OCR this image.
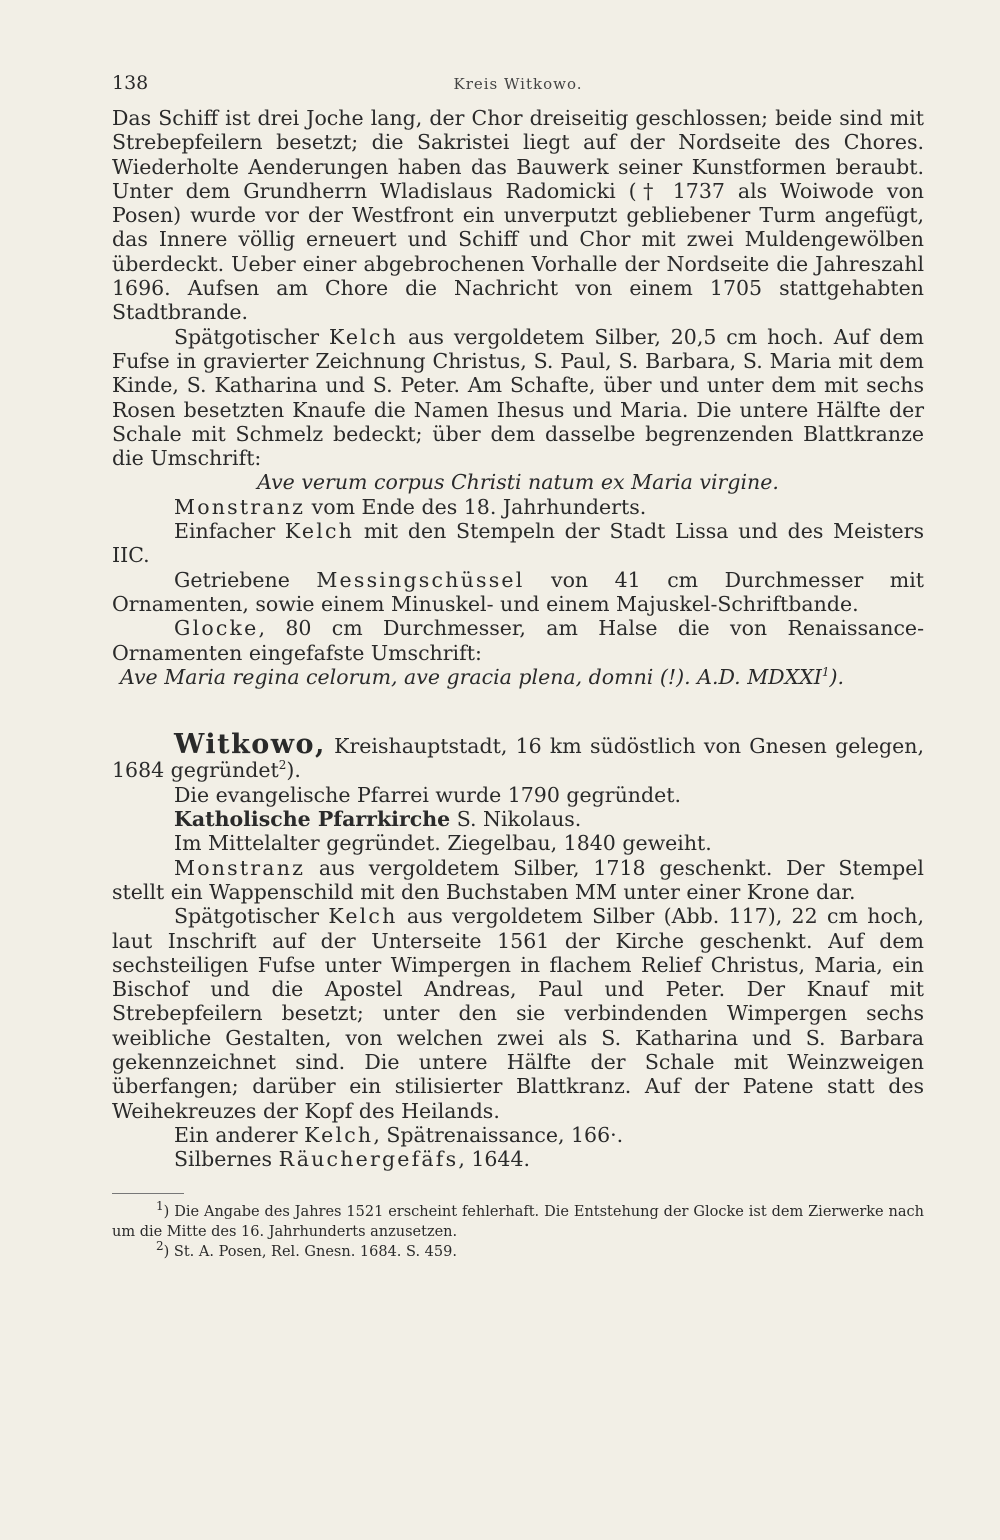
138	Kreis Witkowo.

Das Schiff ist drei Joche lang, der Chor dreiseitig geschlossen; beide sind mit Strebepfeilern besetzt; die Sakristei liegt auf der Nordseite des Chores. Wiederholte Aenderungen haben das Bauwerk seiner Kunstformen beraubt. Unter dem Grundherrn Wladislaus Radomicki († 1737 als Woiwode von Posen) wurde vor der Westfront ein unverputzt gebliebener Turm angefügt, das Innere völlig erneuert und Schiff und Chor mit zwei Muldengewölben überdeckt. Ueber einer abgebrochenen Vorhalle der Nordseite die Jahreszahl 1696. Aufsen am Chore die Nachricht von einem 1705 stattgehabten Stadtbrande.

Spätgotischer Kelch aus vergoldetem Silber, 20,5 cm hoch. Auf dem Fufse in gravierter Zeichnung Christus, S. Paul, S. Barbara, S. Maria mit dem Kinde, S. Katharina und S. Peter. Am Schafte, über und unter dem mit sechs Rosen besetzten Knaufe die Namen Ihesus und Maria. Die untere Hälfte der Schale mit Schmelz bedeckt; über dem dasselbe begrenzenden Blattkranze die Umschrift:

Ave verum corpus Christi natum ex Maria virgine.

Monstranz vom Ende des 18. Jahrhunderts.

Einfacher Kelch mit den Stempeln der Stadt Lissa und des Meisters IIC.

Getriebene Messingschüssel von 41 cm Durchmesser mit Ornamenten, sowie einem Minuskel- und einem Majuskel-Schriftbande.

Glocke, 80 cm Durchmesser, am Halse die von Renaissance-Ornamenten eingefafste Umschrift:

Ave Maria regina celorum, ave gracia plena, domni (!). A.D. MDXXI$^1$).

Witkowo, Kreishauptstadt, 16 km südöstlich von Gnesen gelegen, 1684 gegründet$^2$).

Die evangelische Pfarrei wurde 1790 gegründet.

Katholische Pfarrkirche S. Nikolaus.

Im Mittelalter gegründet. Ziegelbau, 1840 geweiht.

Monstranz aus vergoldetem Silber, 1718 geschenkt. Der Stempel stellt ein Wappenschild mit den Buchstaben MM unter einer Krone dar.

Spätgotischer Kelch aus vergoldetem Silber (Abb. 117), 22 cm hoch, laut Inschrift auf der Unterseite 1561 der Kirche geschenkt. Auf dem sechsteiligen Fufse unter Wimpergen in flachem Relief Christus, Maria, ein Bischof und die Apostel Andreas, Paul und Peter. Der Knauf mit Strebepfeilern besetzt; unter den sie verbindenden Wimpergen sechs weibliche Gestalten, von welchen zwei als S. Katharina und S. Barbara gekennzeichnet sind. Die untere Hälfte der Schale mit Weinzweigen überfangen; darüber ein stilisierter Blattkranz. Auf der Patene statt des Weihekreuzes der Kopf des Heilands.

Ein anderer Kelch, Spätrenaissance, 166·.

Silbernes Räuchergefäfs, 1644.

$^1$) Die Angabe des Jahres 1521 erscheint fehlerhaft. Die Entstehung der Glocke ist dem Zierwerke nach um die Mitte des 16. Jahrhunderts anzusetzen.

$^2$) St. A. Posen, Rel. Gnesn. 1684. S. 459.
